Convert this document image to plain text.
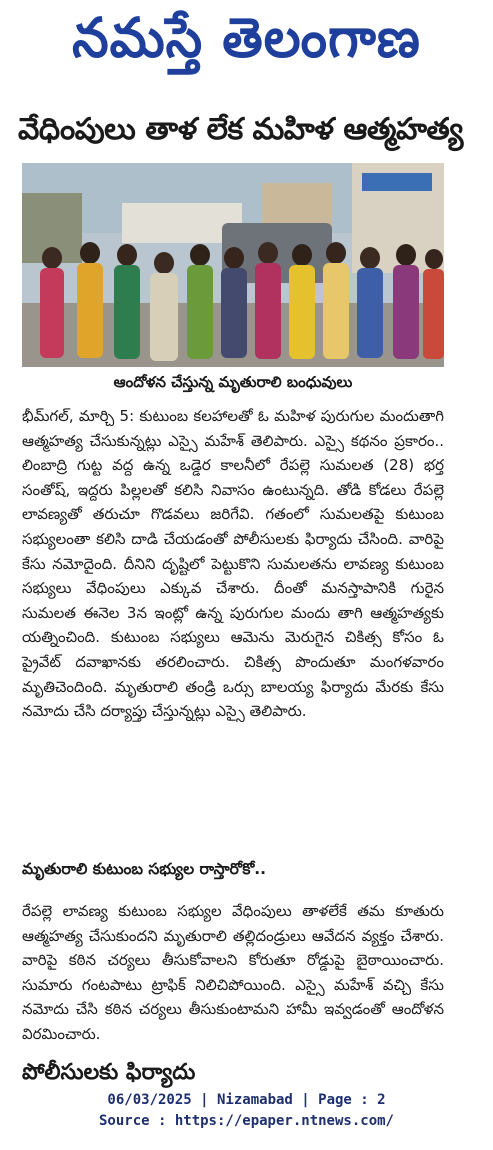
నమస్తే తెలంగాణ
వేధింపులు తాళ లేక మహిళ ఆత్మహత్య
ఆందోళన చేస్తున్న మృతురాలి బంధువులు

భీమ్‌గల్, మార్చి 5: కుటుంబ కలహాలతో ఓ మహిళ పురుగుల మందుతాగి ఆత్మహత్య చేసుకున్నట్లు ఎస్సై మహేశ్ తెలిపారు. ఎస్సై కథనం ప్రకారం.. లింబాద్రి గుట్ట వద్ద ఉన్న ఒడ్డెర కాలనీలో రేపల్లె సుమలత (28) భర్త సంతోష్, ఇద్దరు పిల్లలతో కలిసి నివాసం ఉంటున్నది. తోడి కోడలు రేపల్లె లావణ్యతో తరుచూ గొడవలు జరిగేవి. గతంలో సుమలతపై కుటుంబ సభ్యులంతా కలిసి దాడి చేయడంతో పోలీసులకు ఫిర్యాదు చేసింది. వారిపై కేసు నమోదైంది. దీనిని దృష్టిలో పెట్టుకొని సుమలతను లావణ్య కుటుంబ సభ్యులు వేధింపులు ఎక్కువ చేశారు. దీంతో మనస్తాపానికి గురైన సుమలత ఈనెల 3న ఇంట్లో ఉన్న పురుగుల మందు తాగి ఆత్మహత్యకు యత్నించింది. కుటుంబ సభ్యులు ఆమెను మెరుగైన చికిత్స కోసం ఓ ప్రైవేట్ దవాఖానకు తరలించారు. చికిత్స పొందుతూ మంగళవారం మృతిచెందింది. మృతురాలి తండ్రి ఒర్సు బాలయ్య ఫిర్యాదు మేరకు కేసు నమోదు చేసి దర్యాప్తు చేస్తున్నట్లు ఎస్సై తెలిపారు.

మృతురాలి కుటుంబ సభ్యుల రాస్తారోకో..

రేపల్లె లావణ్య కుటుంబ సభ్యుల వేధింపులు తాళలేకే తమ కూతురు ఆత్మహత్య చేసుకుందని మృతురాలి తల్లిదండ్రులు ఆవేదన వ్యక్తం చేశారు. వారిపై కఠిన చర్యలు తీసుకోవాలని కోరుతూ రోడ్డుపై బైఠాయించారు. సుమారు గంటపాటు ట్రాఫిక్ నిలిచిపోయింది. ఎస్సై మహేశ్ వచ్చి కేసు నమోదు చేసి కఠిన చర్యలు తీసుకుంటామని హామీ ఇవ్వడంతో ఆందోళన విరమించారు.

పోలీసులకు ఫిర్యాదు
06/03/2025 | Nizamabad | Page : 2
Source : https://epaper.ntnews.com/
